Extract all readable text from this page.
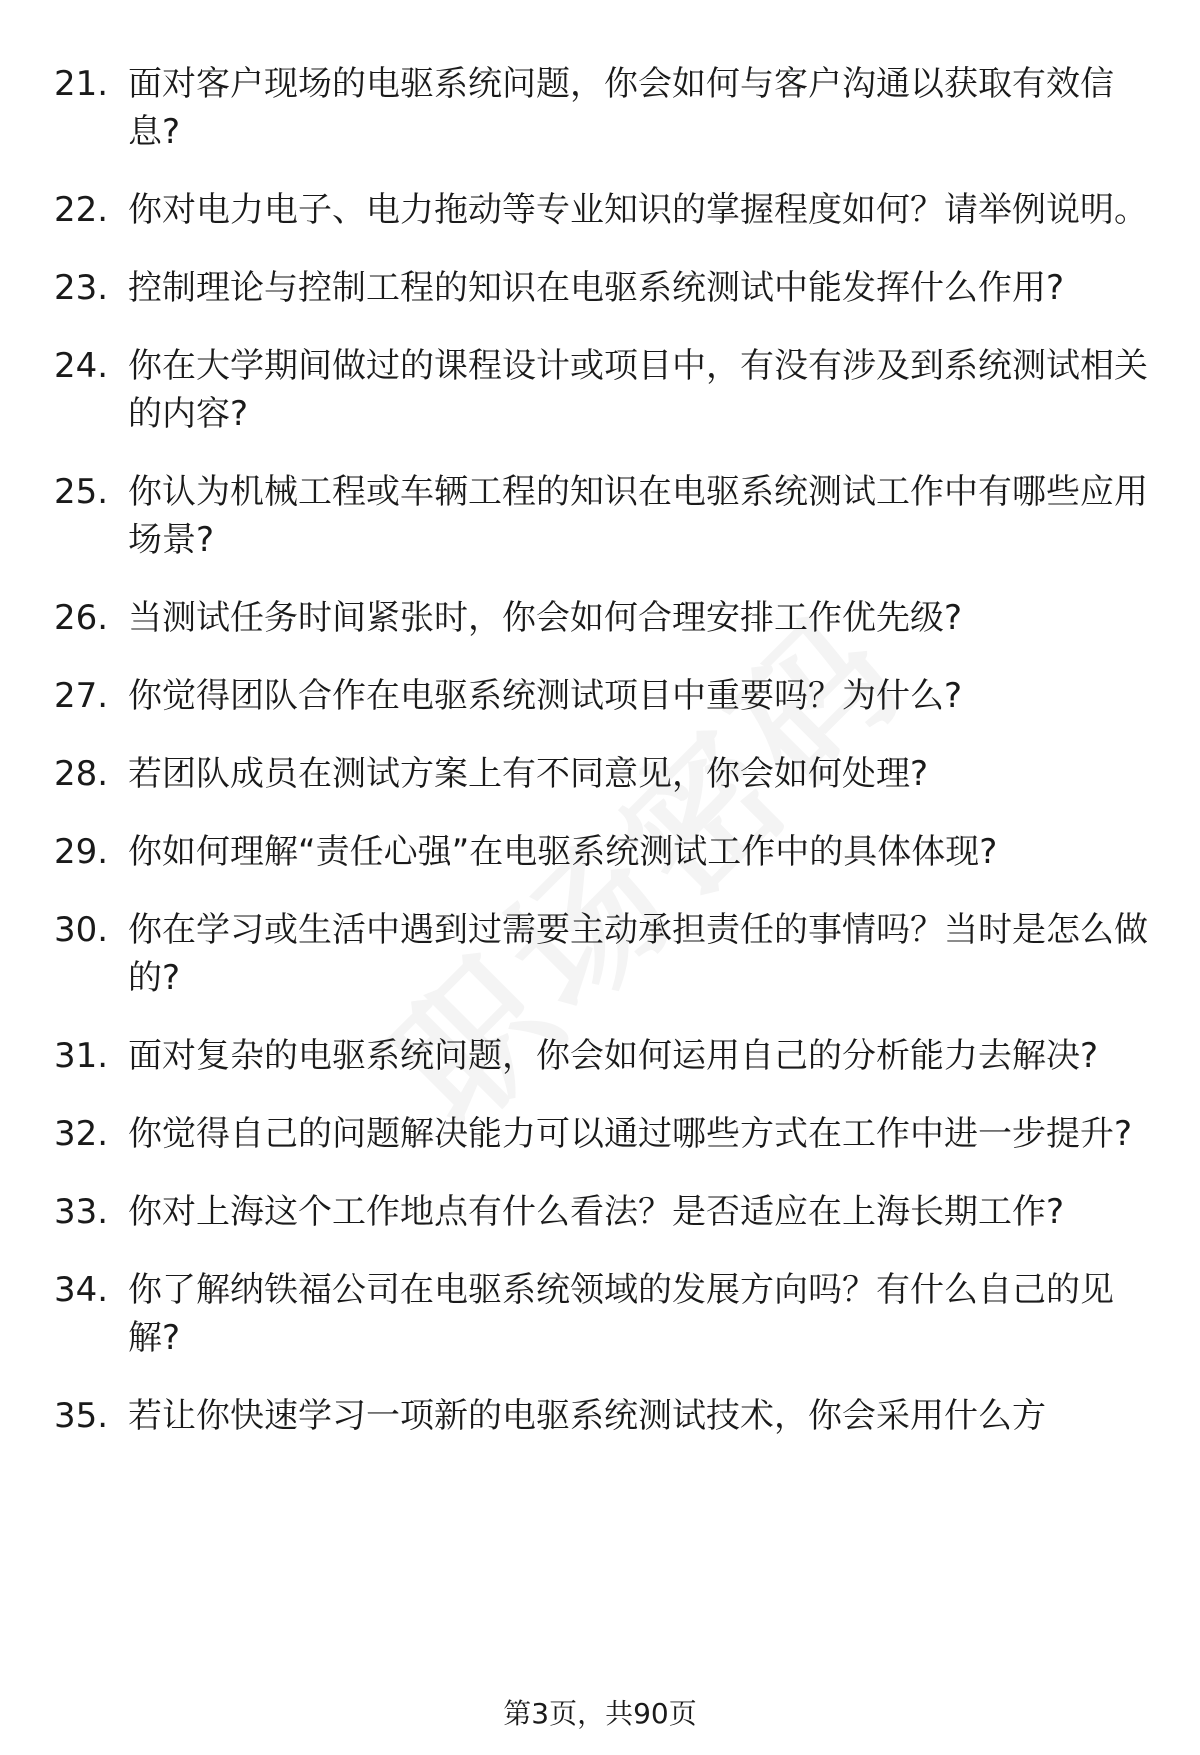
21. 面对客户现场的电驱系统问题，你会如何与客户沟通以获取有效信息?
22. 你对电力电子、电力拖动等专业知识的掌握程度如何？请举例说明。
23. 控制理论与控制工程的知识在电驱系统测试中能发挥什么作用?
24. 你在大学期间做过的课程设计或项目中，有没有涉及到系统测试相关的内容?
25. 你认为机械工程或车辆工程的知识在电驱系统测试工作中有哪些应用场景?
26. 当测试任务时间紧张时，你会如何合理安排工作优先级?
27. 你觉得团队合作在电驱系统测试项目中重要吗？为什么?
28. 若团队成员在测试方案上有不同意见，你会如何处理?
29. 你如何理解“责任心强”在电驱系统测试工作中的具体体现?
30. 你在学习或生活中遇到过需要主动承担责任的事情吗？当时是怎么做的?
31. 面对复杂的电驱系统问题，你会如何运用自己的分析能力去解决?
32. 你觉得自己的问题解决能力可以通过哪些方式在工作中进一步提升?
33. 你对上海这个工作地点有什么看法？是否适应在上海长期工作?
34. 你了解纳铁福公司在电驱系统领域的发展方向吗？有什么自己的见解?
35. 若让你快速学习一项新的电驱系统测试技术，你会采用什么方
第3页，共90页
